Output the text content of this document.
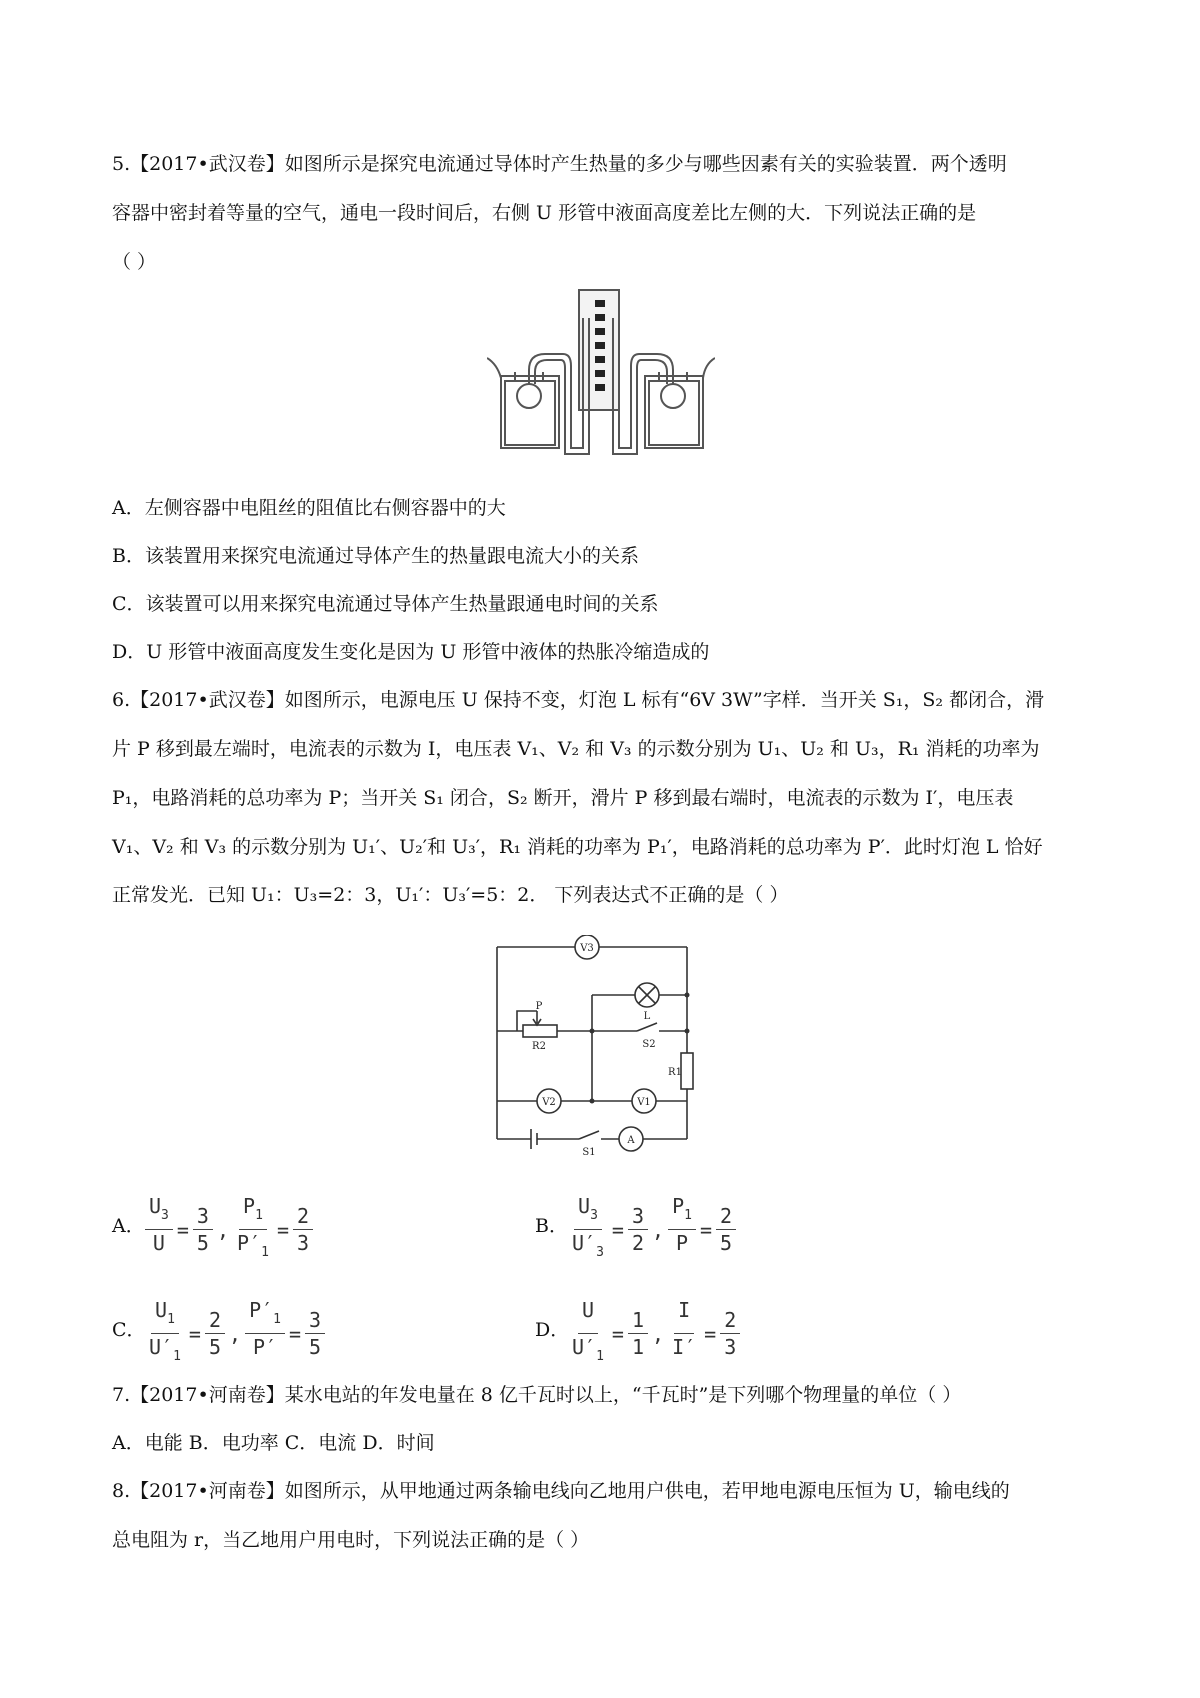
5.【2017•武汉卷】如图所示是探究电流通过导体时产生热量的多少与哪些因素有关的实验装置．两个透明
容器中密封着等量的空气，通电一段时间后，右侧 U 形管中液面高度差比左侧的大．下列说法正确的是
（ ）
A．左侧容器中电阻丝的阻值比右侧容器中的大
B．该装置用来探究电流通过导体产生的热量跟电流大小的关系
C．该装置可以用来探究电流通过导体产生热量跟通电时间的关系
D．U 形管中液面高度发生变化是因为 U 形管中液体的热胀冷缩造成的
6.【2017•武汉卷】如图所示，电源电压 U 保持不变，灯泡 L 标有“6V 3W”字样．当开关 S₁，S₂ 都闭合，滑
片 P 移到最左端时，电流表的示数为 I，电压表 V₁、V₂ 和 V₃ 的示数分别为 U₁、U₂ 和 U₃，R₁ 消耗的功率为
P₁，电路消耗的总功率为 P；当开关 S₁ 闭合，S₂ 断开，滑片 P 移到最右端时，电流表的示数为 I′，电压表
V₁、V₂ 和 V₃ 的示数分别为 U₁′、U₂′和 U₃′，R₁ 消耗的功率为 P₁′，电路消耗的总功率为 P′．此时灯泡 L 恰好
正常发光．已知 U₁：U₃=2：3，U₁′：U₃′=5：2． 下列表达式不正确的是（ ）
V3
V2	V1
A
P
R2
R1
L
S2
S1
A． $\frac{U_3}{U} = \frac{3}{5}$ , $\frac{P_1}{P'_1} = \frac{2}{3}$	B． $\frac{U_3}{U'_3} = \frac{3}{2}$ , $\frac{P_1}{P} = \frac{2}{5}$
C． $\frac{U_1}{U'_1} = \frac{2}{5}$ , $\frac{P'_1}{P'} = \frac{3}{5}$	D．
$\frac{U}{U'_1} = \frac{1}{1}$ , $\frac{I}{I'} = \frac{2}{3}$
7.【2017•河南卷】某水电站的年发电量在 8 亿千瓦时以上，“千瓦时”是下列哪个物理量的单位（ ）
A．电能 B．电功率 C．电流 D．时间
8.【2017•河南卷】如图所示，从甲地通过两条输电线向乙地用户供电，若甲地电源电压恒为 U，输电线的
总电阻为 r，当乙地用户用电时，下列说法正确的是（ ）
